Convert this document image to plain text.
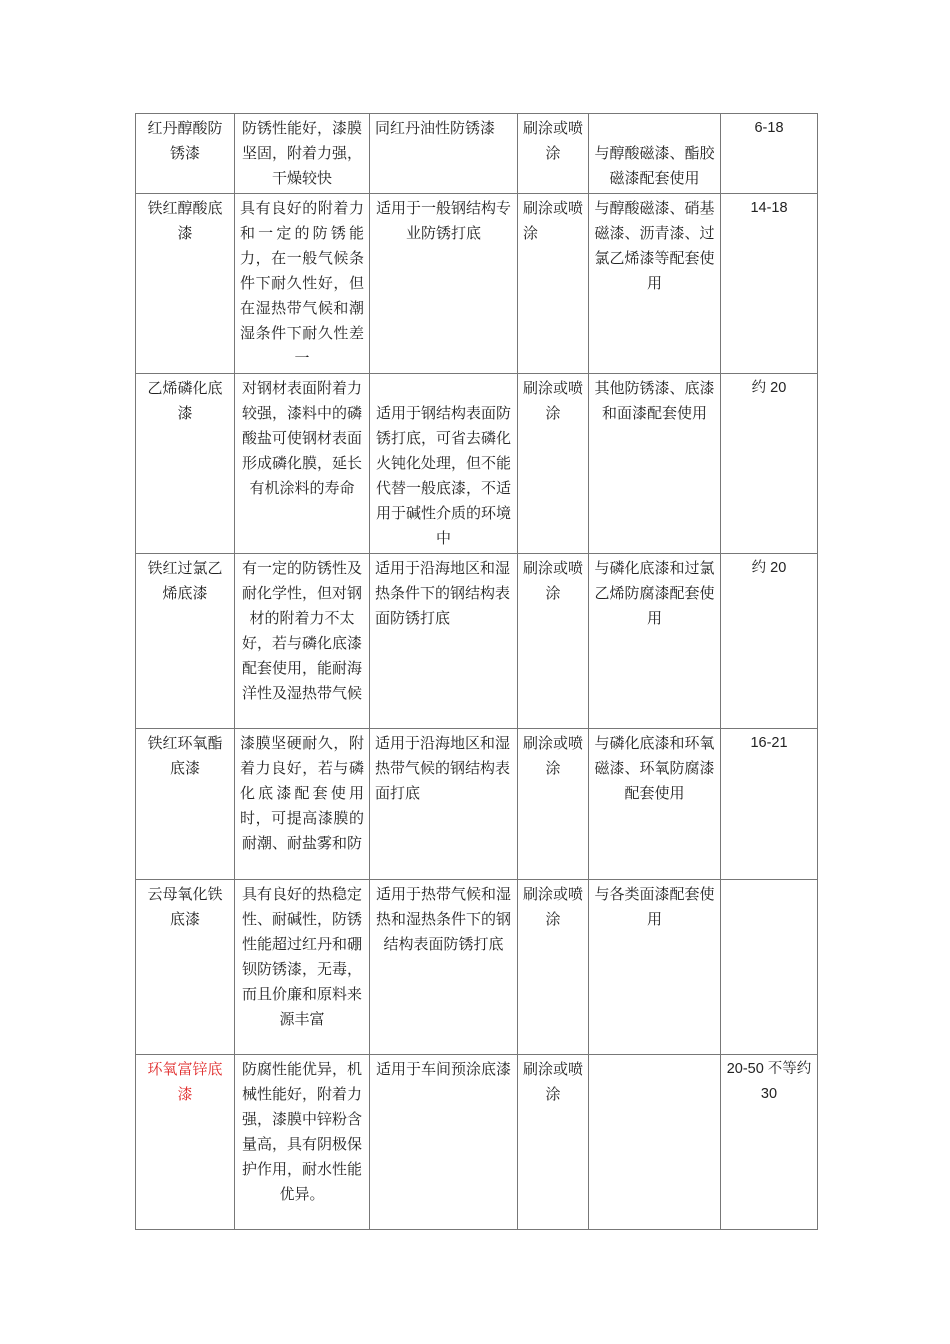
红丹醇酸防锈漆	防锈性能好，漆膜坚固，附着力强，干燥较快	同红丹油性防锈漆	刷涂或喷涂	与醇酸磁漆、酯胶磁漆配套使用	6-18
铁红醇酸底漆	具有良好的附着力和一定的防锈能力，在一般气候条件下耐久性好，但在湿热带气候和潮湿条件下耐久性差一	适用于一般钢结构专业防锈打底	刷涂或喷涂	与醇酸磁漆、硝基磁漆、沥青漆、过氯乙烯漆等配套使用	14-18
乙烯磷化底漆	对钢材表面附着力较强，漆料中的磷酸盐可使钢材表面形成磷化膜，延长有机涂料的寿命	适用于钢结构表面防锈打底，可省去磷化火钝化处理，但不能代替一般底漆，不适用于碱性介质的环境中	刷涂或喷涂	其他防锈漆、底漆和面漆配套使用	约 20
铁红过氯乙烯底漆	有一定的防锈性及耐化学性，但对钢材的附着力不太好，若与磷化底漆配套使用，能耐海洋性及湿热带气候	适用于沿海地区和湿热条件下的钢结构表面防锈打底	刷涂或喷涂	与磷化底漆和过氯乙烯防腐漆配套使用	约 20
铁红环氧酯底漆	漆膜坚硬耐久，附着力良好，若与磷化底漆配套使用时，可提高漆膜的耐潮、耐盐雾和防	适用于沿海地区和湿热带气候的钢结构表面打底	刷涂或喷涂	与磷化底漆和环氧磁漆、环氧防腐漆配套使用	16-21
云母氧化铁底漆	具有良好的热稳定性、耐碱性，防锈性能超过红丹和硼钡防锈漆，无毒，而且价廉和原料来源丰富	适用于热带气候和湿热和湿热条件下的钢结构表面防锈打底	刷涂或喷涂	与各类面漆配套使用	
环氧富锌底漆	防腐性能优异，机械性能好，附着力强，漆膜中锌粉含量高，具有阴极保护作用，耐水性能优异。	适用于车间预涂底漆	刷涂或喷涂		20-50 不等约 30
